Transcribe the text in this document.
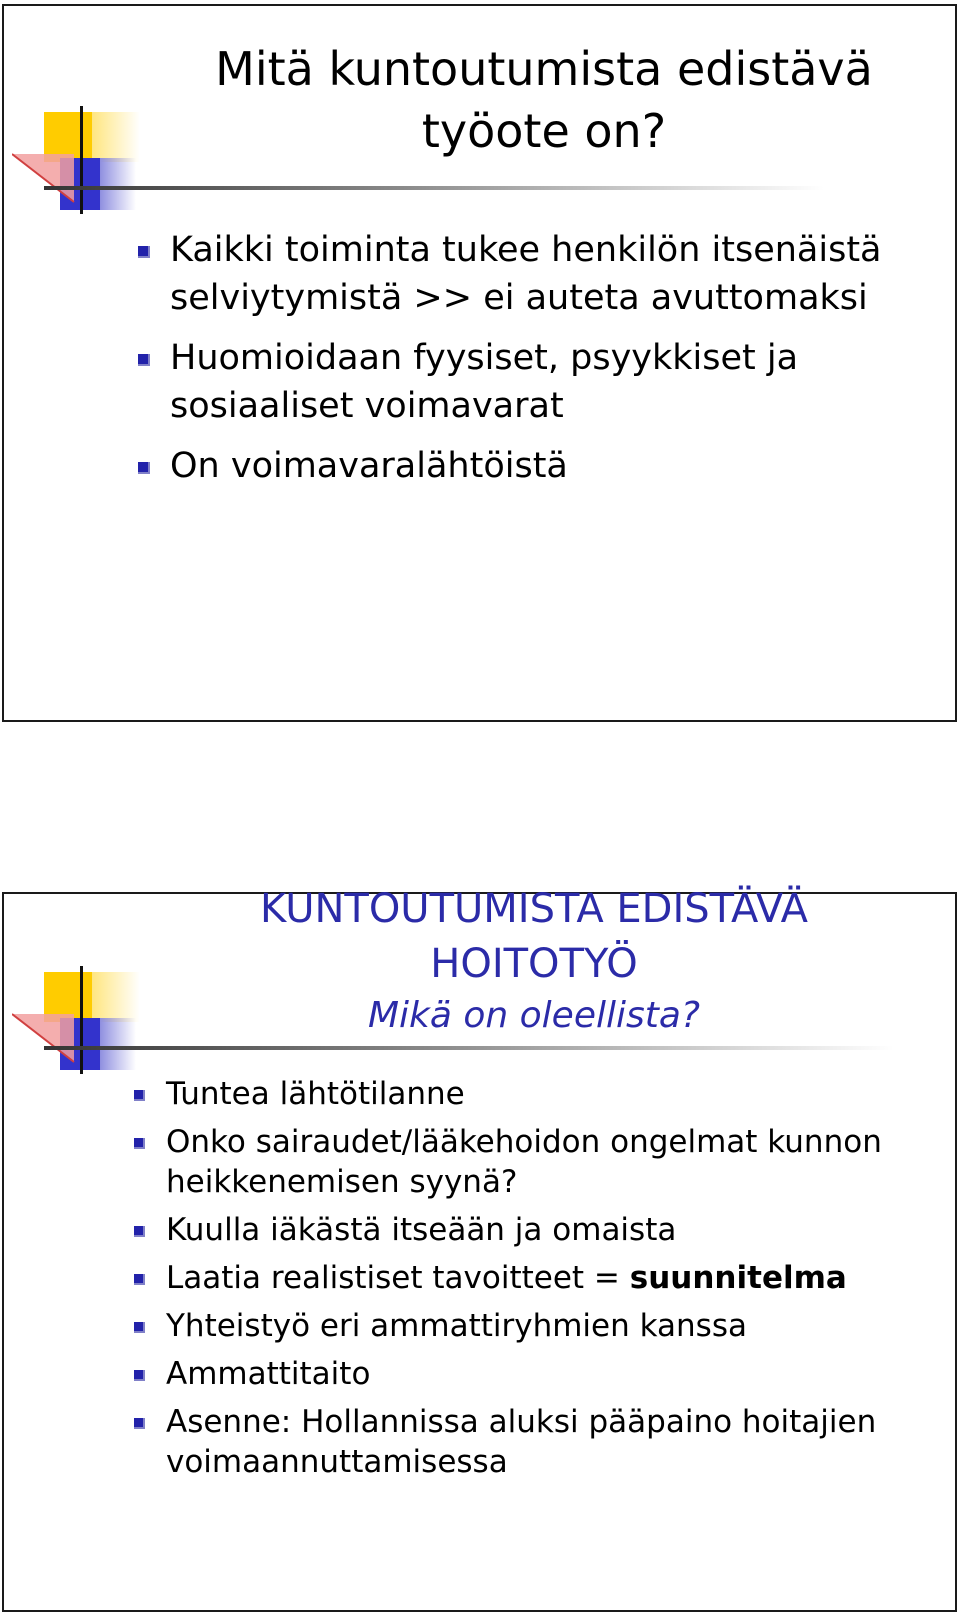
Mitä kuntoutumista edistävä
työote on?
Kaikki toiminta tukee henkilön itsenäistä selviytymistä >> ei auteta avuttomaksi
Huomioidaan fyysiset, psyykkiset ja sosiaaliset voimavarat
On voimavaralähtöistä
KUNTOUTUMISTA EDISTÄVÄ
HOITOTYÖ
Mikä on oleellista?
Tuntea lähtötilanne
Onko sairaudet/lääkehoidon ongelmat kunnon heikkenemisen syynä?
Kuulla iäkästä itseään ja omaista
Laatia realistiset tavoitteet = suunnitelma
Yhteistyö eri ammattiryhmien kanssa
Ammattitaito
Asenne: Hollannissa aluksi pääpaino hoitajien voimaannuttamisessa
